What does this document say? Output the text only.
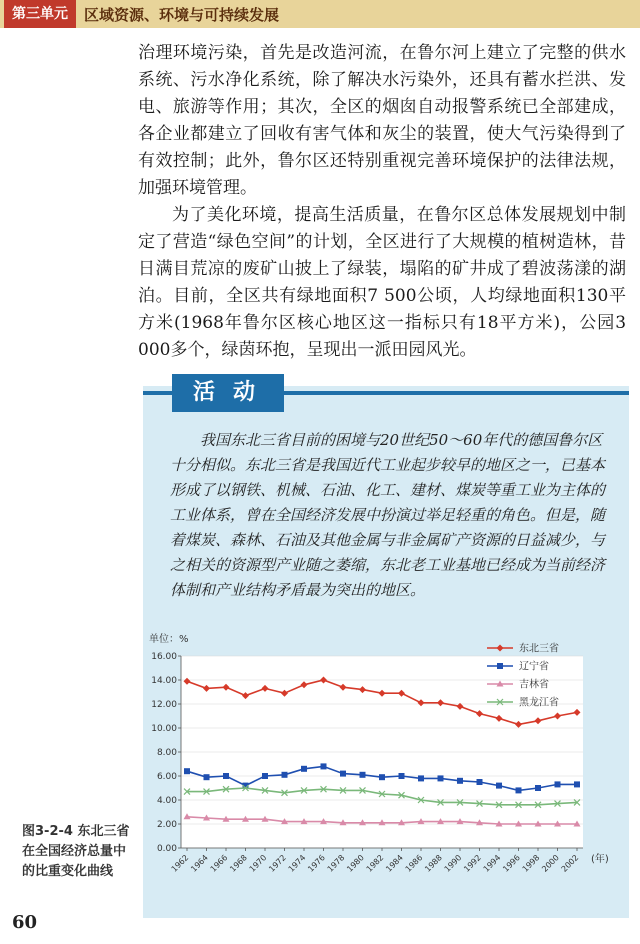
第三单元	区域资源、环境与可持续发展

治理环境污染，首先是改造河流，在鲁尔河上建立了完整的供水系统、污水净化系统，除了解决水污染外，还具有蓄水拦洪、发电、旅游等作用；其次，全区的烟囱自动报警系统已全部建成，各企业都建立了回收有害气体和灰尘的装置，使大气污染得到了有效控制；此外，鲁尔区还特别重视完善环境保护的法律法规，加强环境管理。

为了美化环境，提高生活质量，在鲁尔区总体发展规划中制定了营造“绿色空间”的计划，全区进行了大规模的植树造林，昔日满目荒凉的废矿山披上了绿装，塌陷的矿井成了碧波荡漾的湖泊。目前，全区共有绿地面积7 500公顷，人均绿地面积130平方米(1968年鲁尔区核心地区这一指标只有18平方米)，公园3 000多个，绿茵环抱，呈现出一派田园风光。

活动

我国东北三省目前的困境与20世纪50～60年代的德国鲁尔区十分相似。东北三省是我国近代工业起步较早的地区之一，已基本形成了以钢铁、机械、石油、化工、建材、煤炭等重工业为主体的工业体系，曾在全国经济发展中扮演过举足轻重的角色。但是，随着煤炭、森林、石油及其他金属与非金属矿产资源的日益减少，与之相关的资源型产业随之萎缩，东北老工业基地已经成为当前经济体制和产业结构矛盾最为突出的地区。

0.00
2.00
4.00
6.00
8.00
10.00
12.00
14.00
16.00
1962
1964
1966
1968
1970
1972
1974
1976
1978
1980
1982
1984
1986
1988
1990
1992
1994
1996
1998
2000
2002
东北三省
辽宁省
吉林省
黑龙江省
单位：%
(年)
图3-2-4 东北三省
在全国经济总量中
的比重变化曲线
60
